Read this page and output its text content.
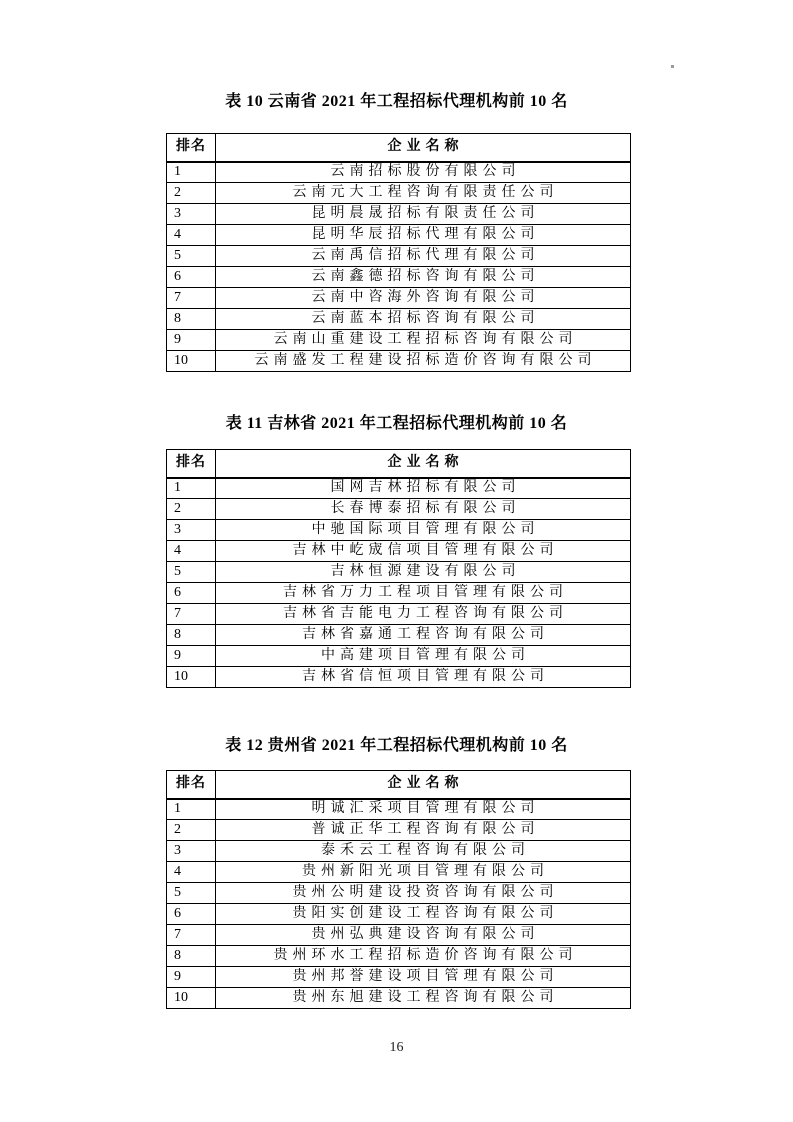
表 10 云南省 2021 年工程招标代理机构前 10 名
排名	企业名称
1	云南招标股份有限公司
2	云南元大工程咨询有限责任公司
3	昆明晨晟招标有限责任公司
4	昆明华辰招标代理有限公司
5	云南禹信招标代理有限公司
6	云南鑫德招标咨询有限公司
7	云南中咨海外咨询有限公司
8	云南蓝本招标咨询有限公司
9	云南山重建设工程招标咨询有限公司
10	云南盛发工程建设招标造价咨询有限公司
表 11 吉林省 2021 年工程招标代理机构前 10 名
排名	企业名称
1	国网吉林招标有限公司
2	长春博泰招标有限公司
3	中驰国际项目管理有限公司
4	吉林中屹宬信项目管理有限公司
5	吉林恒源建设有限公司
6	吉林省万力工程项目管理有限公司
7	吉林省吉能电力工程咨询有限公司
8	吉林省嘉通工程咨询有限公司
9	中高建项目管理有限公司
10	吉林省信恒项目管理有限公司
表 12 贵州省 2021 年工程招标代理机构前 10 名
排名	企业名称
1	明诚汇采项目管理有限公司
2	普诚正华工程咨询有限公司
3	泰禾云工程咨询有限公司
4	贵州新阳光项目管理有限公司
5	贵州公明建设投资咨询有限公司
6	贵阳实创建设工程咨询有限公司
7	贵州弘典建设咨询有限公司
8	贵州环水工程招标造价咨询有限公司
9	贵州邦誉建设项目管理有限公司
10	贵州东旭建设工程咨询有限公司
16
